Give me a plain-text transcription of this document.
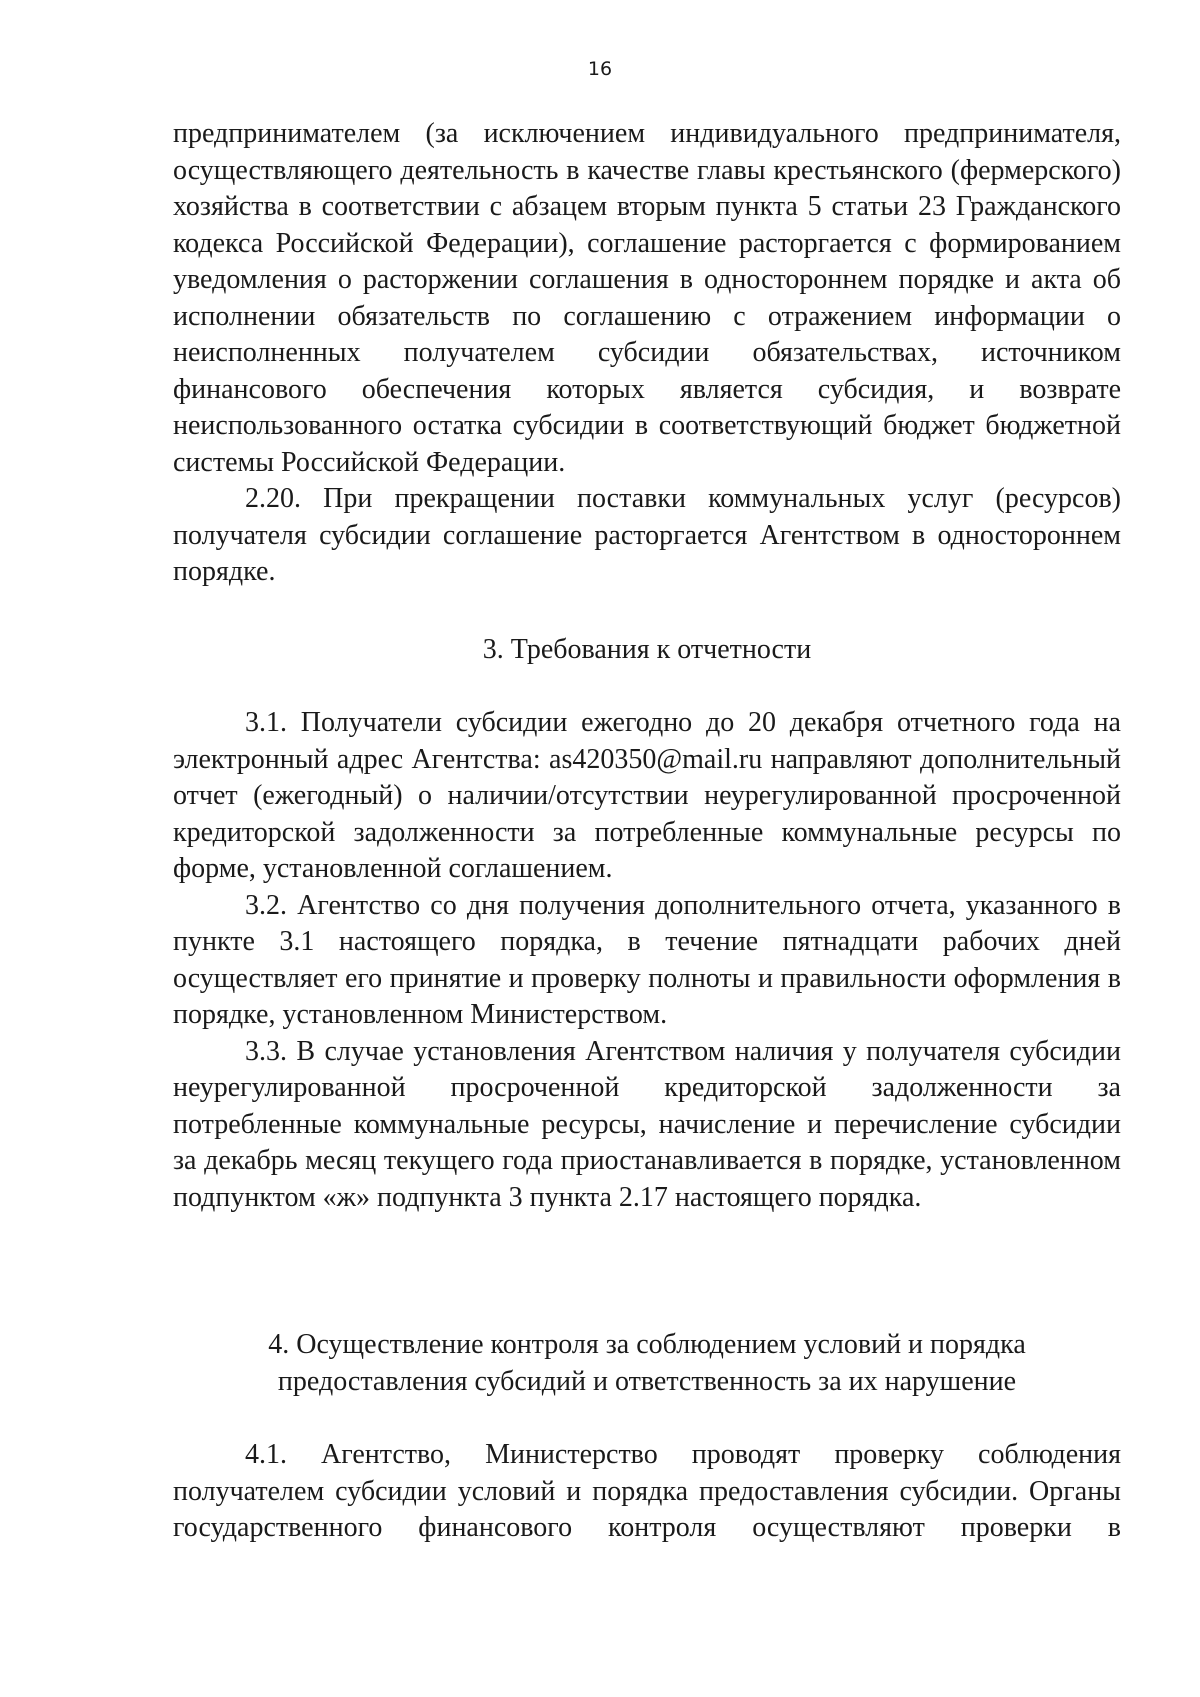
16

предпринимателем (за исключением индивидуального предпринимателя, осуществляющего деятельность в качестве главы крестьянского (фермерского) хозяйства в соответствии с абзацем вторым пункта 5 статьи 23 Гражданского кодекса Российской Федерации), соглашение расторгается с формированием уведомления о расторжении соглашения в одностороннем порядке и акта об исполнении обязательств по соглашению с отражением информации о неисполненных получателем субсидии обязательствах, источником финансового обеспечения которых является субсидия, и возврате неиспользованного остатка субсидии в соответствующий бюджет бюджетной системы Российской Федерации.

2.20. При прекращении поставки коммунальных услуг (ресурсов) получателя субсидии соглашение расторгается Агентством в одностороннем порядке.

3. Требования к отчетности

3.1. Получатели субсидии ежегодно до 20 декабря отчетного года на электронный адрес Агентства: as420350@mail.ru направляют дополнительный отчет (ежегодный) о наличии/отсутствии неурегулированной просроченной кредиторской задолженности за потребленные коммунальные ресурсы по форме, установленной соглашением.

3.2. Агентство со дня получения дополнительного отчета, указанного в пункте 3.1 настоящего порядка, в течение пятнадцати рабочих дней осуществляет его принятие и проверку полноты и правильности оформления в порядке, установленном Министерством.

3.3. В случае установления Агентством наличия у получателя субсидии неурегулированной просроченной кредиторской задолженности за потребленные коммунальные ресурсы, начисление и перечисление субсидии за декабрь месяц текущего года приостанавливается в порядке, установленном подпунктом «ж» подпункта 3 пункта 2.17 настоящего порядка.

4. Осуществление контроля за соблюдением условий и порядка

предоставления субсидий и ответственность за их нарушение

4.1. Агентство, Министерство проводят проверку соблюдения получателем субсидии условий и порядка предоставления субсидии. Органы государственного финансового контроля осуществляют проверки в
